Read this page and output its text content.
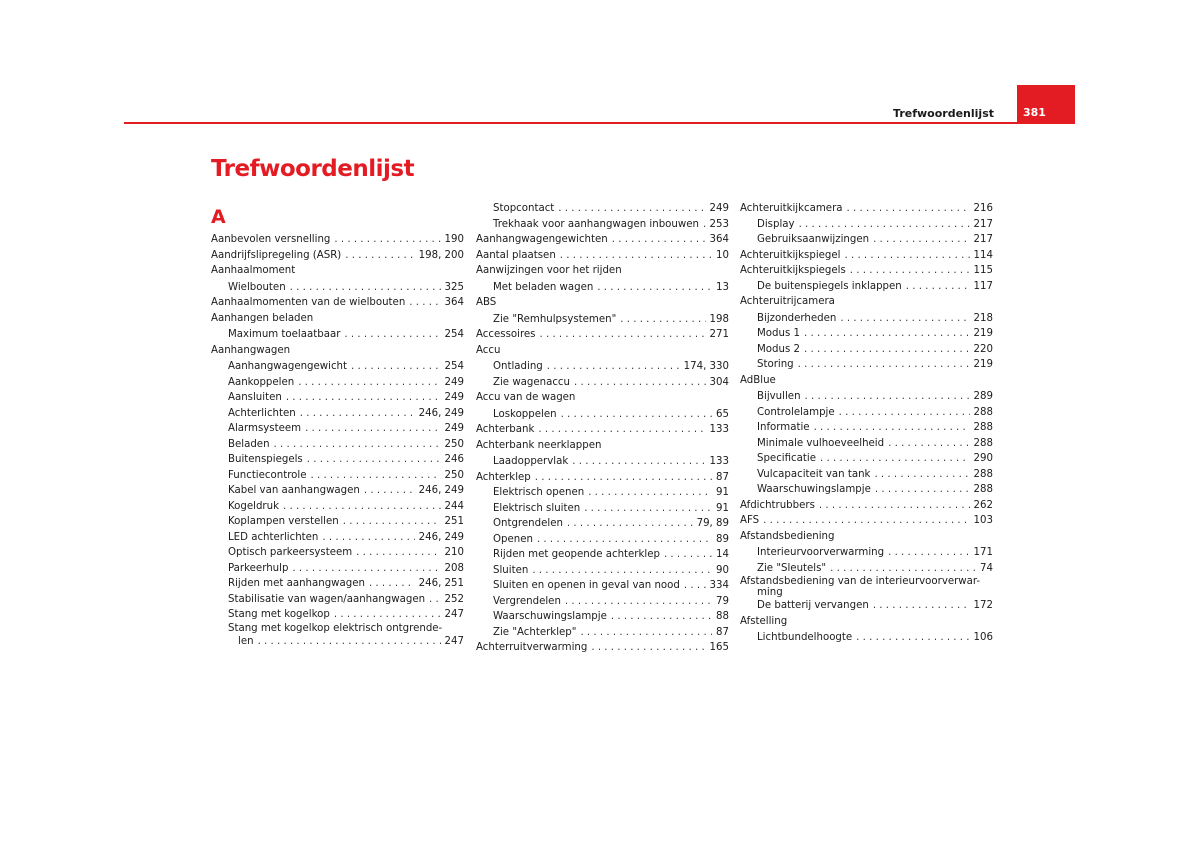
Trefwoordenlijst	381
Trefwoordenlijst
A
Aanbevolen versnelling . . .	190
Aandrijfslipregeling (ASR) . . .	198, 200
Aanhaalmoment
Wielbouten . . .	325
Aanhaalmomenten van de wielbouten . . .	364
Aanhangen beladen
Maximum toelaatbaar . . .	254
Aanhangwagen
Aanhangwagengewicht . . .	254
Aankoppelen . . .	249
Aansluiten . . .	249
Achterlichten . . .	246, 249
Alarmsysteem . . .	249
Beladen . . .	250
Buitenspiegels . . .	246
Functiecontrole . . .	250
Kabel van aanhangwagen . . .	246, 249
Kogeldruk . . .	244
Koplampen verstellen . . .	251
LED achterlichten . . .	246, 249
Optisch parkeersysteem . . .	210
Parkeerhulp . . .	208
Rijden met aanhangwagen . . .	246, 251
Stabilisatie van wagen/aanhangwagen . . . 252
Stang met kogelkop . . .	247
Stang met kogelkop elektrisch ontgrende-
len . . .	247
Stopcontact . . .	249
Trekhaak voor aanhangwagen inbouwen . . . 253
Aanhangwagengewichten . . .	364
Aantal plaatsen . . .	10
Aanwijzingen voor het rijden
Met beladen wagen . . .	13
ABS
Zie "Remhulpsystemen" . . .	198
Accessoires . . .	271
Accu
Ontlading . . .	174, 330
Zie wagenaccu . . .	304
Accu van de wagen
Loskoppelen . . .	65
Achterbank . . .	133
Achterbank neerklappen
Laadoppervlak . . .	133
Achterklep . . .	87
Elektrisch openen . . .	91
Elektrisch sluiten . . .	91
Ontgrendelen . . .	79, 89
Openen . . .	89
Rijden met geopende achterklep . . .	14
Sluiten . . .	90
Sluiten en openen in geval van nood . . .	334
Vergrendelen . . .	79
Waarschuwingslampje . . .	88
Zie "Achterklep" . . .	87
Achterruitverwarming . . .	165
Achteruitkijkcamera . . .	216
Display . . .	217
Gebruiksaanwijzingen . . .	217
Achteruitkijkspiegel . . .	114
Achteruitkijkspiegels . . .	115
De buitenspiegels inklappen . . .	117
Achteruitrijcamera
Bijzonderheden . . .	218
Modus 1 . . .	219
Modus 2 . . .	220
Storing . . .	219
AdBlue
Bijvullen . . .	289
Controlelampje . . .	288
Informatie . . .	288
Minimale vulhoeveelheid . . .	288
Specificatie . . .	290
Vulcapaciteit van tank . . .	288
Waarschuwingslampje . . .	288
Afdichtrubbers . . .	262
AFS . . .	103
Afstandsbediening
Interieurvoorverwarming . . .	171
Zie "Sleutels" . . .	74
Afstandsbediening van de interieurvoorverwar-
ming
De batterij vervangen . . .	172
Afstelling
Lichtbundelhoogte . . .	106
